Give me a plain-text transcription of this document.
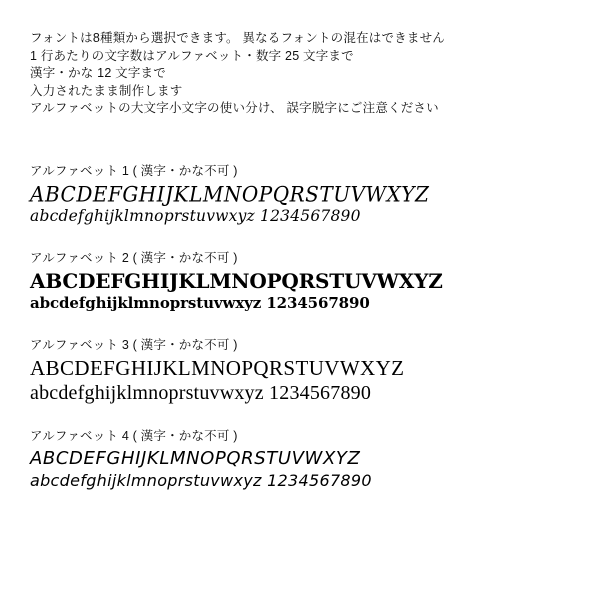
フォントは8種類から選択できます。 異なるフォントの混在はできません
1 行あたりの文字数はアルファベット・数字 25 文字まで
漢字・かな 12 文字まで
入力されたまま制作します
アルファベットの大文字小文字の使い分け、 誤字脱字にご注意ください
アルファベット 1 ( 漢字・かな不可 )
ABCDEFGHIJKLMNOPQRSTUVWXYZ
abcdefghijklmnoprstuvwxyz 1234567890
アルファベット 2 ( 漢字・かな不可 )
ABCDEFGHIJKLMNOPQRSTUVWXYZ
abcdefghijklmnoprstuvwxyz 1234567890
アルファベット 3 ( 漢字・かな不可 )
ABCDEFGHIJKLMNOPQRSTUVWXYZ
abcdefghijklmnoprstuvwxyz 1234567890
アルファベット 4 ( 漢字・かな不可 )
ABCDEFGHIJKLMNOPQRSTUVWXYZ
abcdefghijklmnoprstuvwxyz 1234567890
